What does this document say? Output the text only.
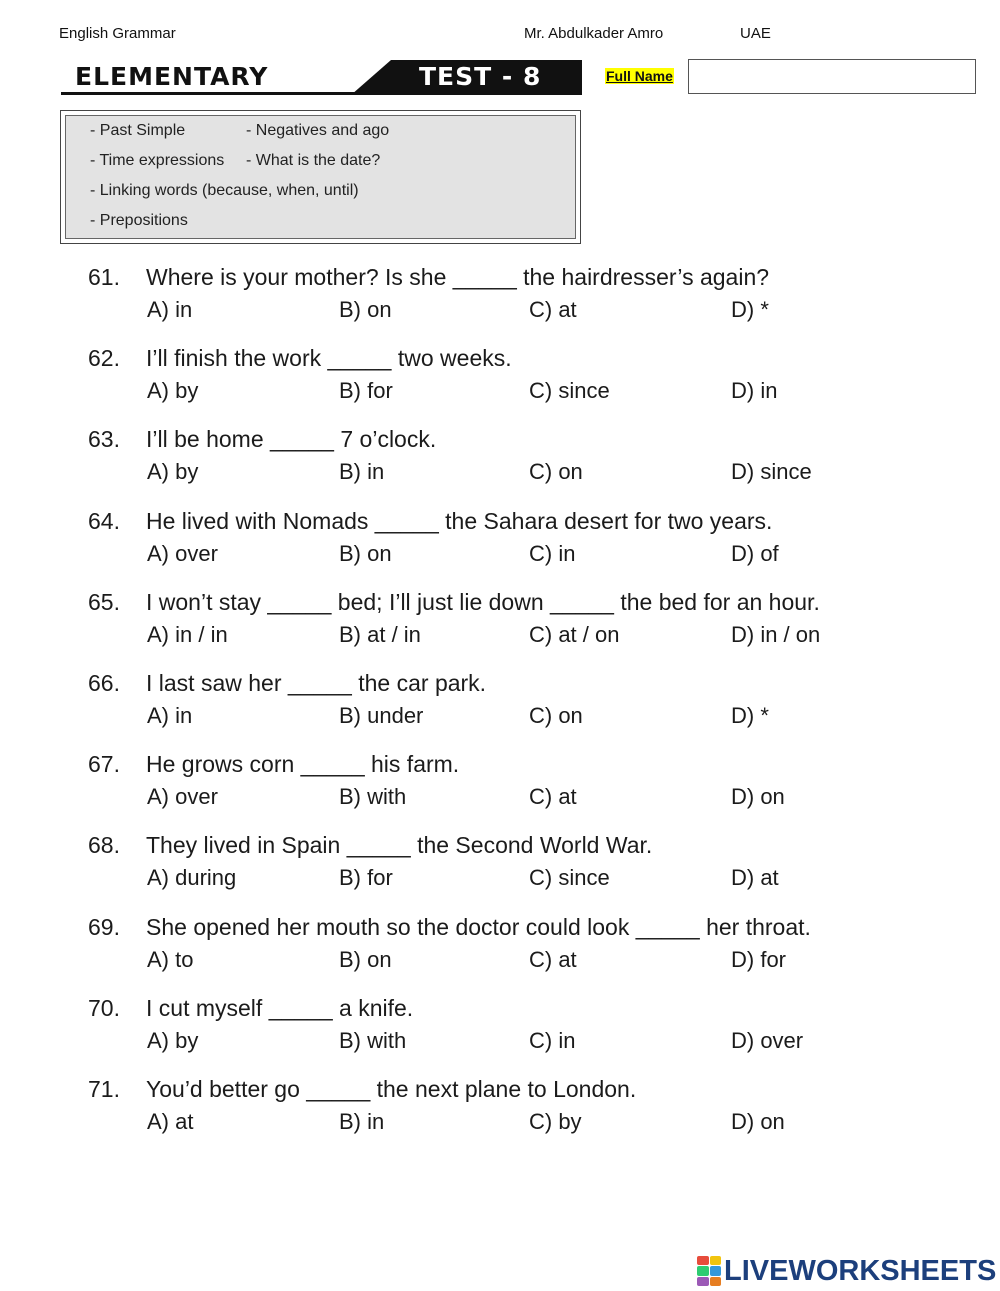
English Grammar	Mr. Abdulkader Amro	UAE
ELEMENTARY	TEST - 8	Full Name
- Past Simple	- Negatives and ago
- Time expressions - What is the date?
- Linking words (because, when, until)
- Prepositions
61. Where is your mother? Is she _____ the hairdresser’s again?
A) in	B) on	C) at	D) *
62. I’ll finish the work _____ two weeks.
A) by	B) for	C) since	D) in
63. I’ll be home _____ 7 o’clock.
A) by	B) in	C) on	D) since
64. He lived with Nomads _____ the Sahara desert for two years.
A) over	B) on	C) in	D) of
65. I won’t stay _____ bed; I’ll just lie down _____ the bed for an hour.
A) in / in	B) at / in	C) at / on	D) in / on
66. I last saw her _____ the car park.
A) in	B) under	C) on	D) *
67. He grows corn _____ his farm.
A) over	B) with	C) at	D) on
68. They lived in Spain _____ the Second World War.
A) during	B) for	C) since	D) at
69. She opened her mouth so the doctor could look _____ her throat.
A) to	B) on	C) at	D) for
70. I cut myself _____ a knife.
A) by	B) with	C) in	D) over
71. You’d better go _____ the next plane to London.
A) at	B) in	C) by	D) on
LIVEWORKSHEETS
